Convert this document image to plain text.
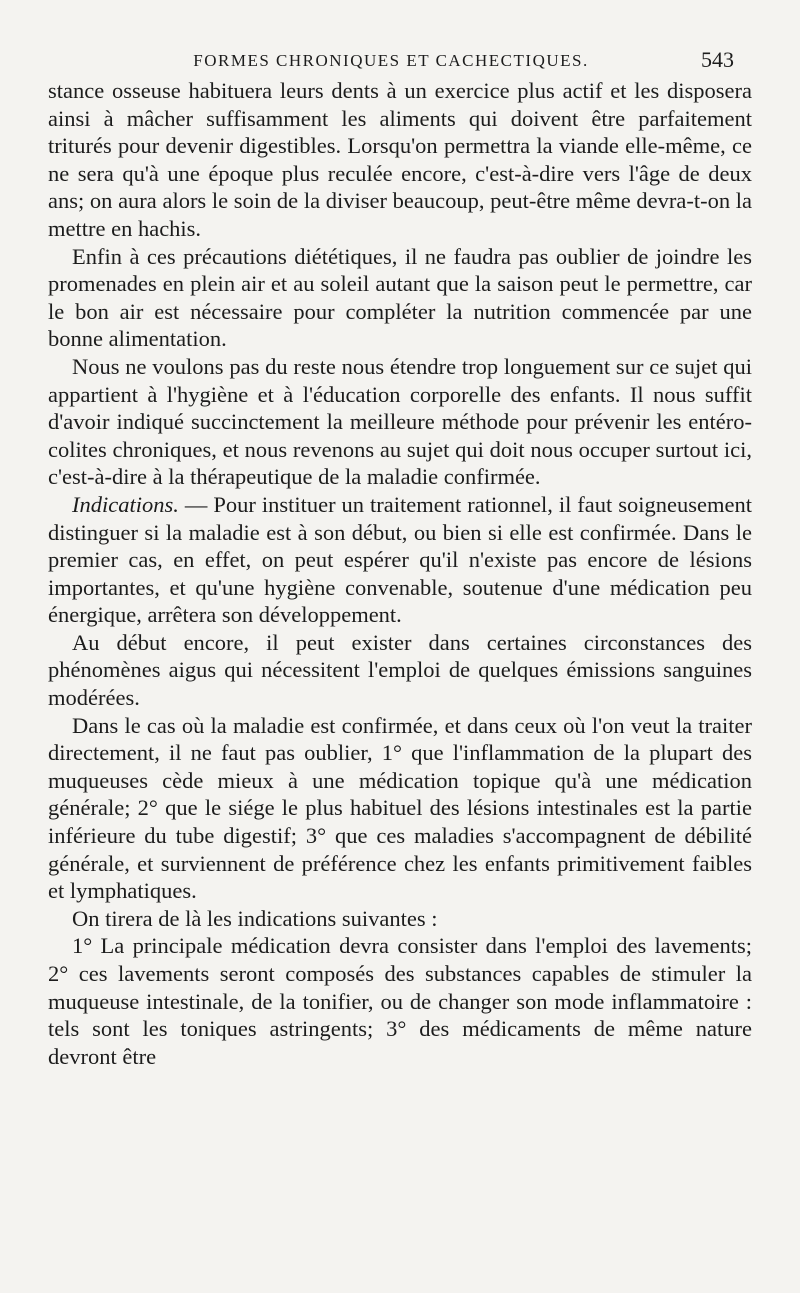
FORMES CHRONIQUES ET CACHECTIQUES.	543

stance osseuse habituera leurs dents à un exercice plus actif et les disposera ainsi à mâcher suffisamment les aliments qui doivent être parfaitement triturés pour devenir digestibles. Lorsqu'on permettra la viande elle-même, ce ne sera qu'à une époque plus reculée encore, c'est-à-dire vers l'âge de deux ans; on aura alors le soin de la diviser beaucoup, peut-être même devra-t-on la mettre en hachis.

Enfin à ces précautions diététiques, il ne faudra pas oublier de joindre les promenades en plein air et au soleil autant que la saison peut le permettre, car le bon air est nécessaire pour compléter la nutrition commencée par une bonne alimentation.

Nous ne voulons pas du reste nous étendre trop longuement sur ce sujet qui appartient à l'hygiène et à l'éducation corporelle des enfants. Il nous suffit d'avoir indiqué succinctement la meilleure méthode pour prévenir les entéro-colites chroniques, et nous revenons au sujet qui doit nous occuper surtout ici, c'est-à-dire à la thérapeutique de la maladie confirmée.

Indications. — Pour instituer un traitement rationnel, il faut soigneusement distinguer si la maladie est à son début, ou bien si elle est confirmée. Dans le premier cas, en effet, on peut espérer qu'il n'existe pas encore de lésions importantes, et qu'une hygiène convenable, soutenue d'une médication peu énergique, arrêtera son développement.

Au début encore, il peut exister dans certaines circonstances des phénomènes aigus qui nécessitent l'emploi de quelques émissions sanguines modérées.

Dans le cas où la maladie est confirmée, et dans ceux où l'on veut la traiter directement, il ne faut pas oublier, 1° que l'inflammation de la plupart des muqueuses cède mieux à une médication topique qu'à une médication générale; 2° que le siége le plus habituel des lésions intestinales est la partie inférieure du tube digestif; 3° que ces maladies s'accompagnent de débilité générale, et surviennent de préférence chez les enfants primitivement faibles et lymphatiques.

On tirera de là les indications suivantes :

1° La principale médication devra consister dans l'emploi des lavements; 2° ces lavements seront composés des substances capables de stimuler la muqueuse intestinale, de la tonifier, ou de changer son mode inflammatoire : tels sont les toniques astringents; 3° des médicaments de même nature devront être
